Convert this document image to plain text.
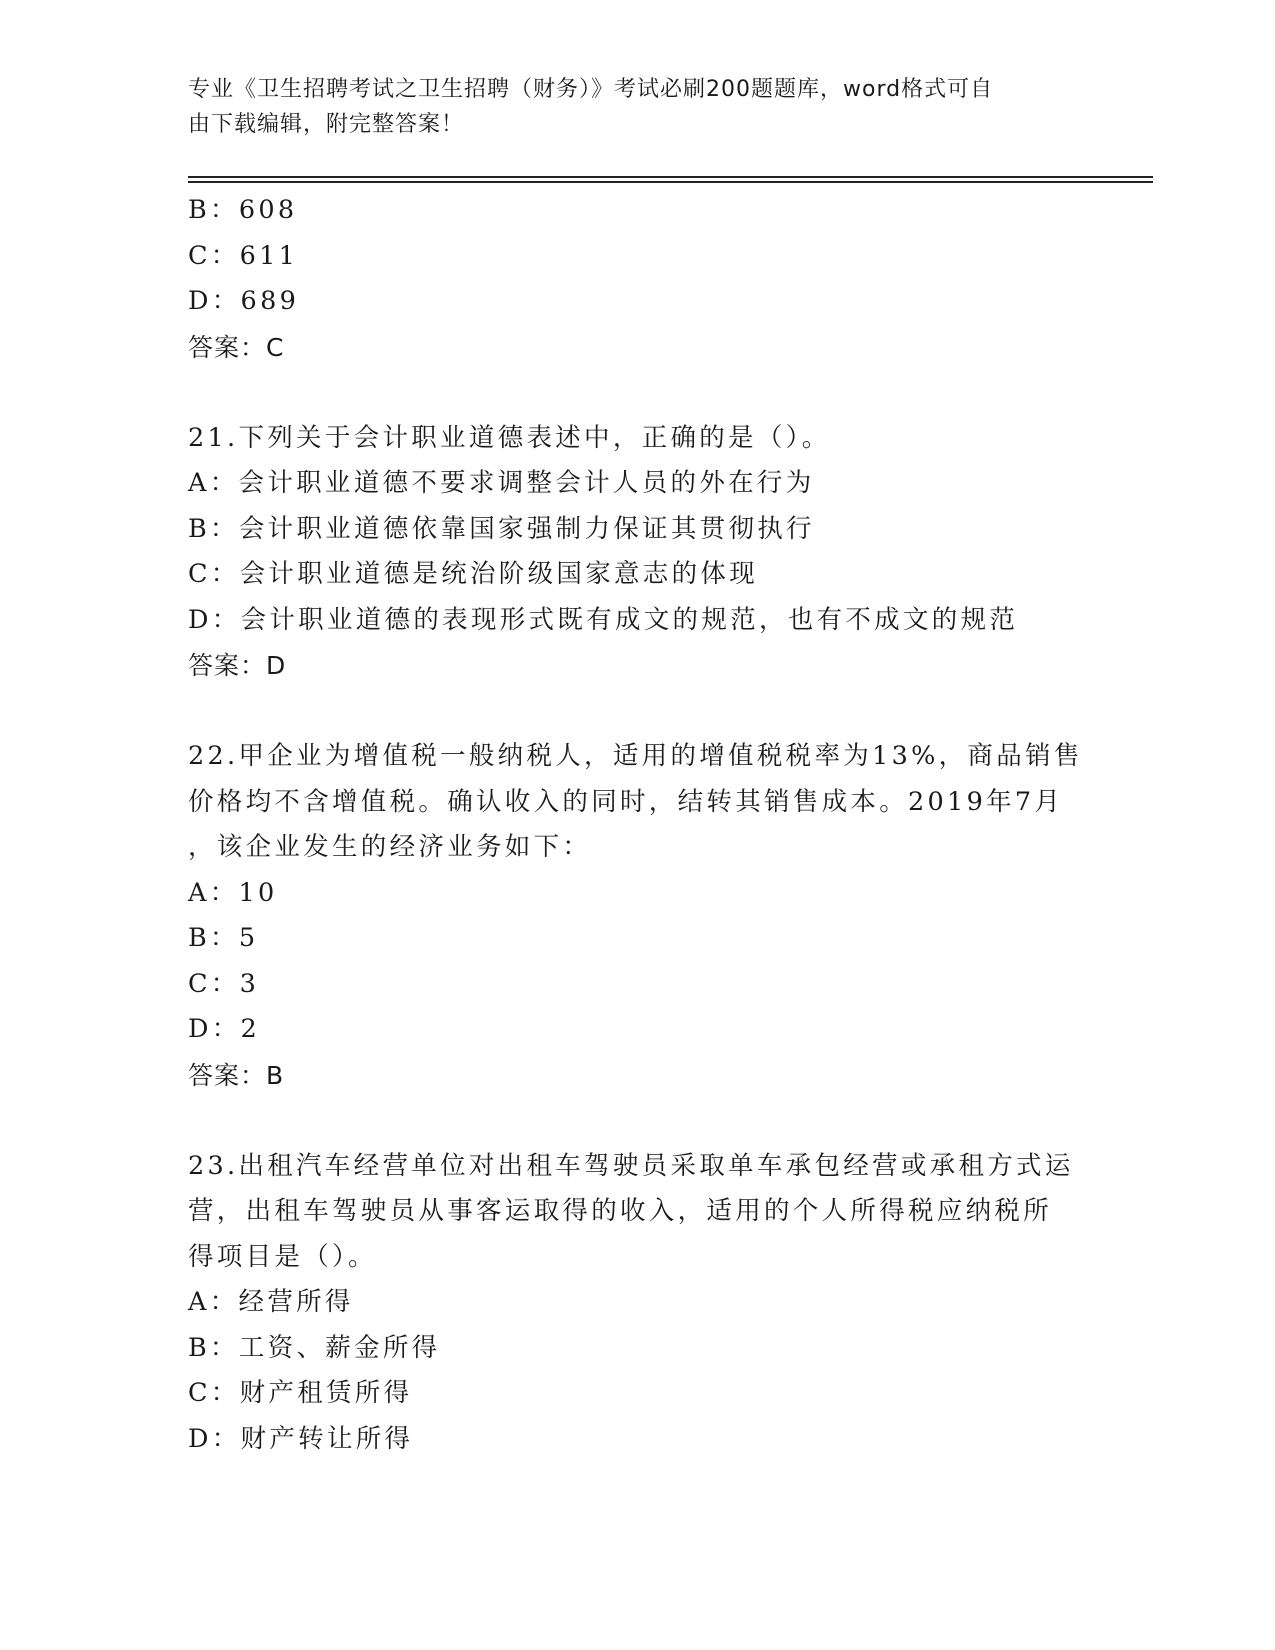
专业《卫生招聘考试之卫生招聘（财务）》考试必刷200题题库，word格式可自
由下载编辑，附完整答案！
B：608
C：611
D：689
答案：C
21.下列关于会计职业道德表述中，正确的是（）。
A：会计职业道德不要求调整会计人员的外在行为
B：会计职业道德依靠国家强制力保证其贯彻执行
C：会计职业道德是统治阶级国家意志的体现
D：会计职业道德的表现形式既有成文的规范，也有不成文的规范
答案：D
22.甲企业为增值税一般纳税人，适用的增值税税率为13%，商品销售
价格均不含增值税。确认收入的同时，结转其销售成本。2019年7月
，该企业发生的经济业务如下：
A：10
B：5
C：3
D：2
答案：B
23.出租汽车经营单位对出租车驾驶员采取单车承包经营或承租方式运
营，出租车驾驶员从事客运取得的收入，适用的个人所得税应纳税所
得项目是（）。
A：经营所得
B：工资、薪金所得
C：财产租赁所得
D：财产转让所得
